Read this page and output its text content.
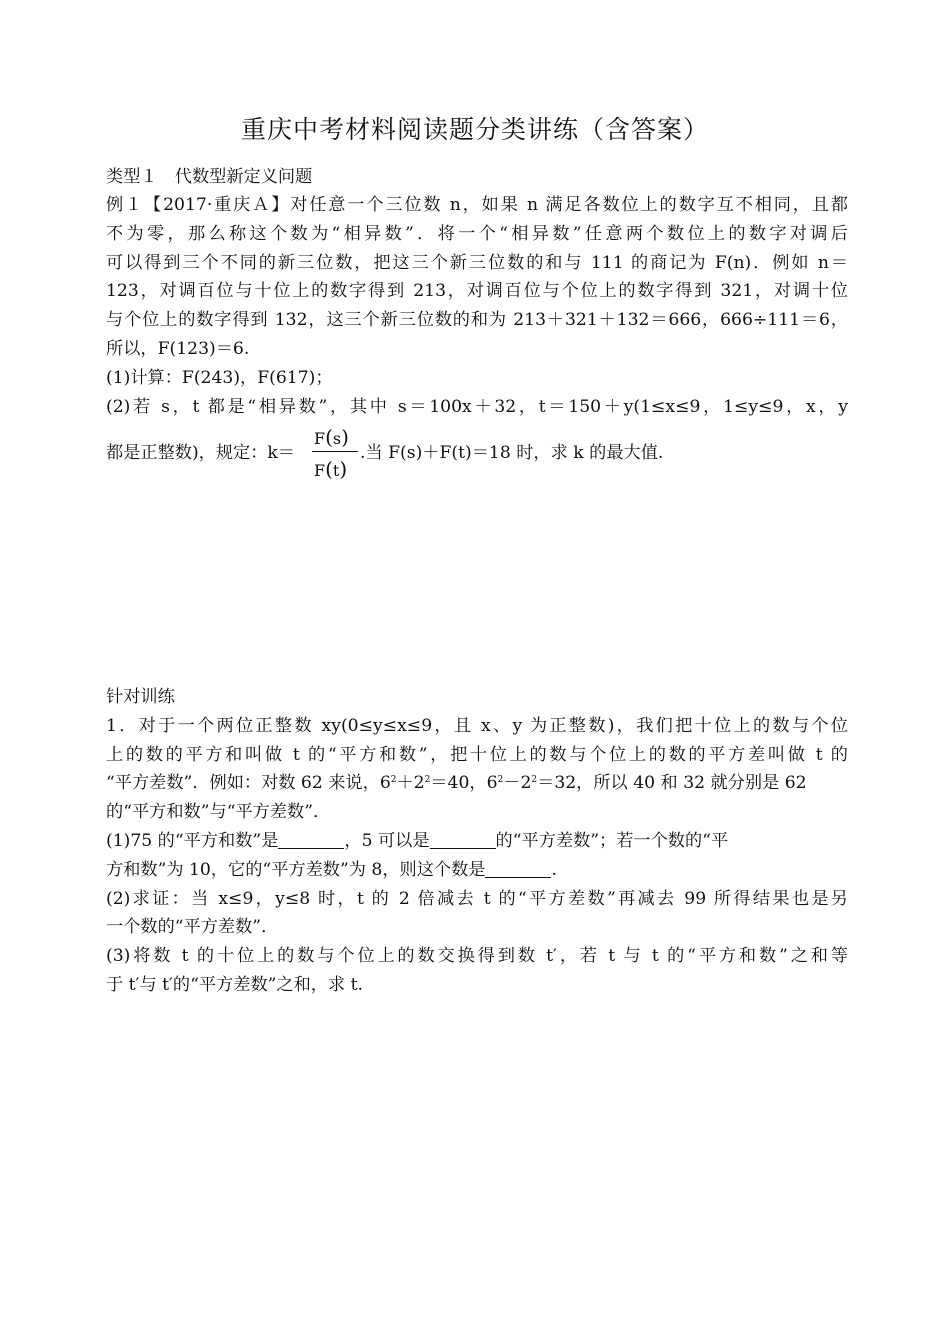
重庆中考材料阅读题分类讲练（含答案）
类型１　代数型新定义问题
例１【2017·重庆Ａ】对任意一个三位数 n，如果 n 满足各数位上的数字互不相同，且都
不为零，那么称这个数为“相异数”．将一个“相异数”任意两个数位上的数字对调后
可以得到三个不同的新三位数，把这三个新三位数的和与 111 的商记为 F(n)．例如 n＝
123，对调百位与十位上的数字得到 213，对调百位与个位上的数字得到 321，对调十位
与个位上的数字得到 132，这三个新三位数的和为 213＋321＋132＝666，666÷111＝6，
所以，F(123)＝6.
(1)计算：F(243)，F(617)；
(2)若 s，t 都是“相异数”，其中 s＝100x＋32，t＝150＋y(1≤x≤9，1≤y≤9，x，y
都是正整数)，规定：k＝
F(s)
F(t)
.当 F(s)＋F(t)＝18 时，求 k 的最大值.
针对训练
1．对于一个两位正整数 xy(0≤y≤x≤9，且 x、y 为正整数)，我们把十位上的数与个位
上的数的平方和叫做 t 的“平方和数”，把十位上的数与个位上的数的平方差叫做 t 的
“平方差数”．例如：对数 62 来说，$6^2+2^2=40$，$6^2-2^2=32$，所以 40 和 32 就分别是 62
的“平方和数”与“平方差数”．
(1)75 的“平方和数”是	，5 可以是	的“平方差数”；若一个数的“平
方和数”为 10，它的“平方差数”为 8，则这个数是	.
(2)求证：当 x≤9，y≤8 时，t 的 2 倍减去 t 的“平方差数”再减去 99 所得结果也是另
一个数的“平方差数”．
(3)将数 t 的十位上的数与个位上的数交换得到数 t′，若 t 与 t 的“平方和数”之和等
于 t′与 t′的“平方差数”之和，求 t.
